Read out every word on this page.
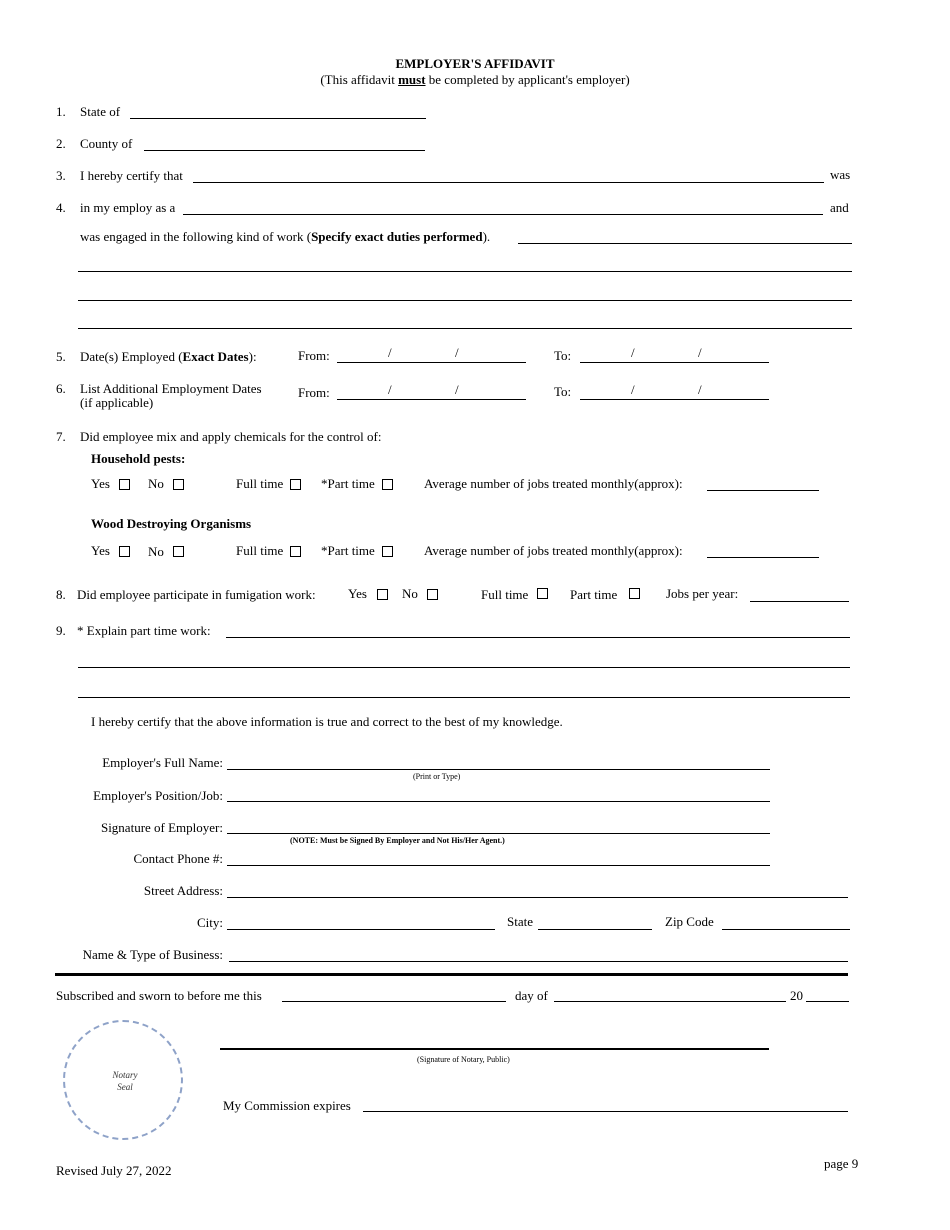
EMPLOYER'S AFFIDAVIT
(This affidavit must be completed by applicant's employer)
1. State of
2. County of
3. I hereby certify that	was
4. in my employ as a	and
was engaged in the following kind of work (Specify exact duties performed).
5. Date(s) Employed (Exact Dates):	From:	/	/	To:	/	/
6. List Additional Employment Dates
(if applicable)
From:	/	/	To:	/	/
7. Did employee mix and apply chemicals for the control of:
Household pests:
Yes	No	Full time	*Part time	Average number of jobs treated monthly(approx):
Wood Destroying Organisms
Yes	No	Full time	*Part time	Average number of jobs treated monthly(approx):
8. Did employee participate in fumigation work: Yes	No	Full time	Part time	Jobs per year:
9. * Explain part time work:
I hereby certify that the above information is true and correct to the best of my knowledge.
Employer's Full Name:
(Print or Type)
Employer's Position/Job:
Signature of Employer:
(NOTE: Must be Signed By Employer and Not His/Her Agent.)
Contact Phone #:
Street Address:
City:	State	Zip Code
Name & Type of Business:
Subscribed and sworn to before me this	day of	20
Notary
Seal
(Signature of Notary, Public)
My Commission expires
Revised July 27, 2022	page 9
